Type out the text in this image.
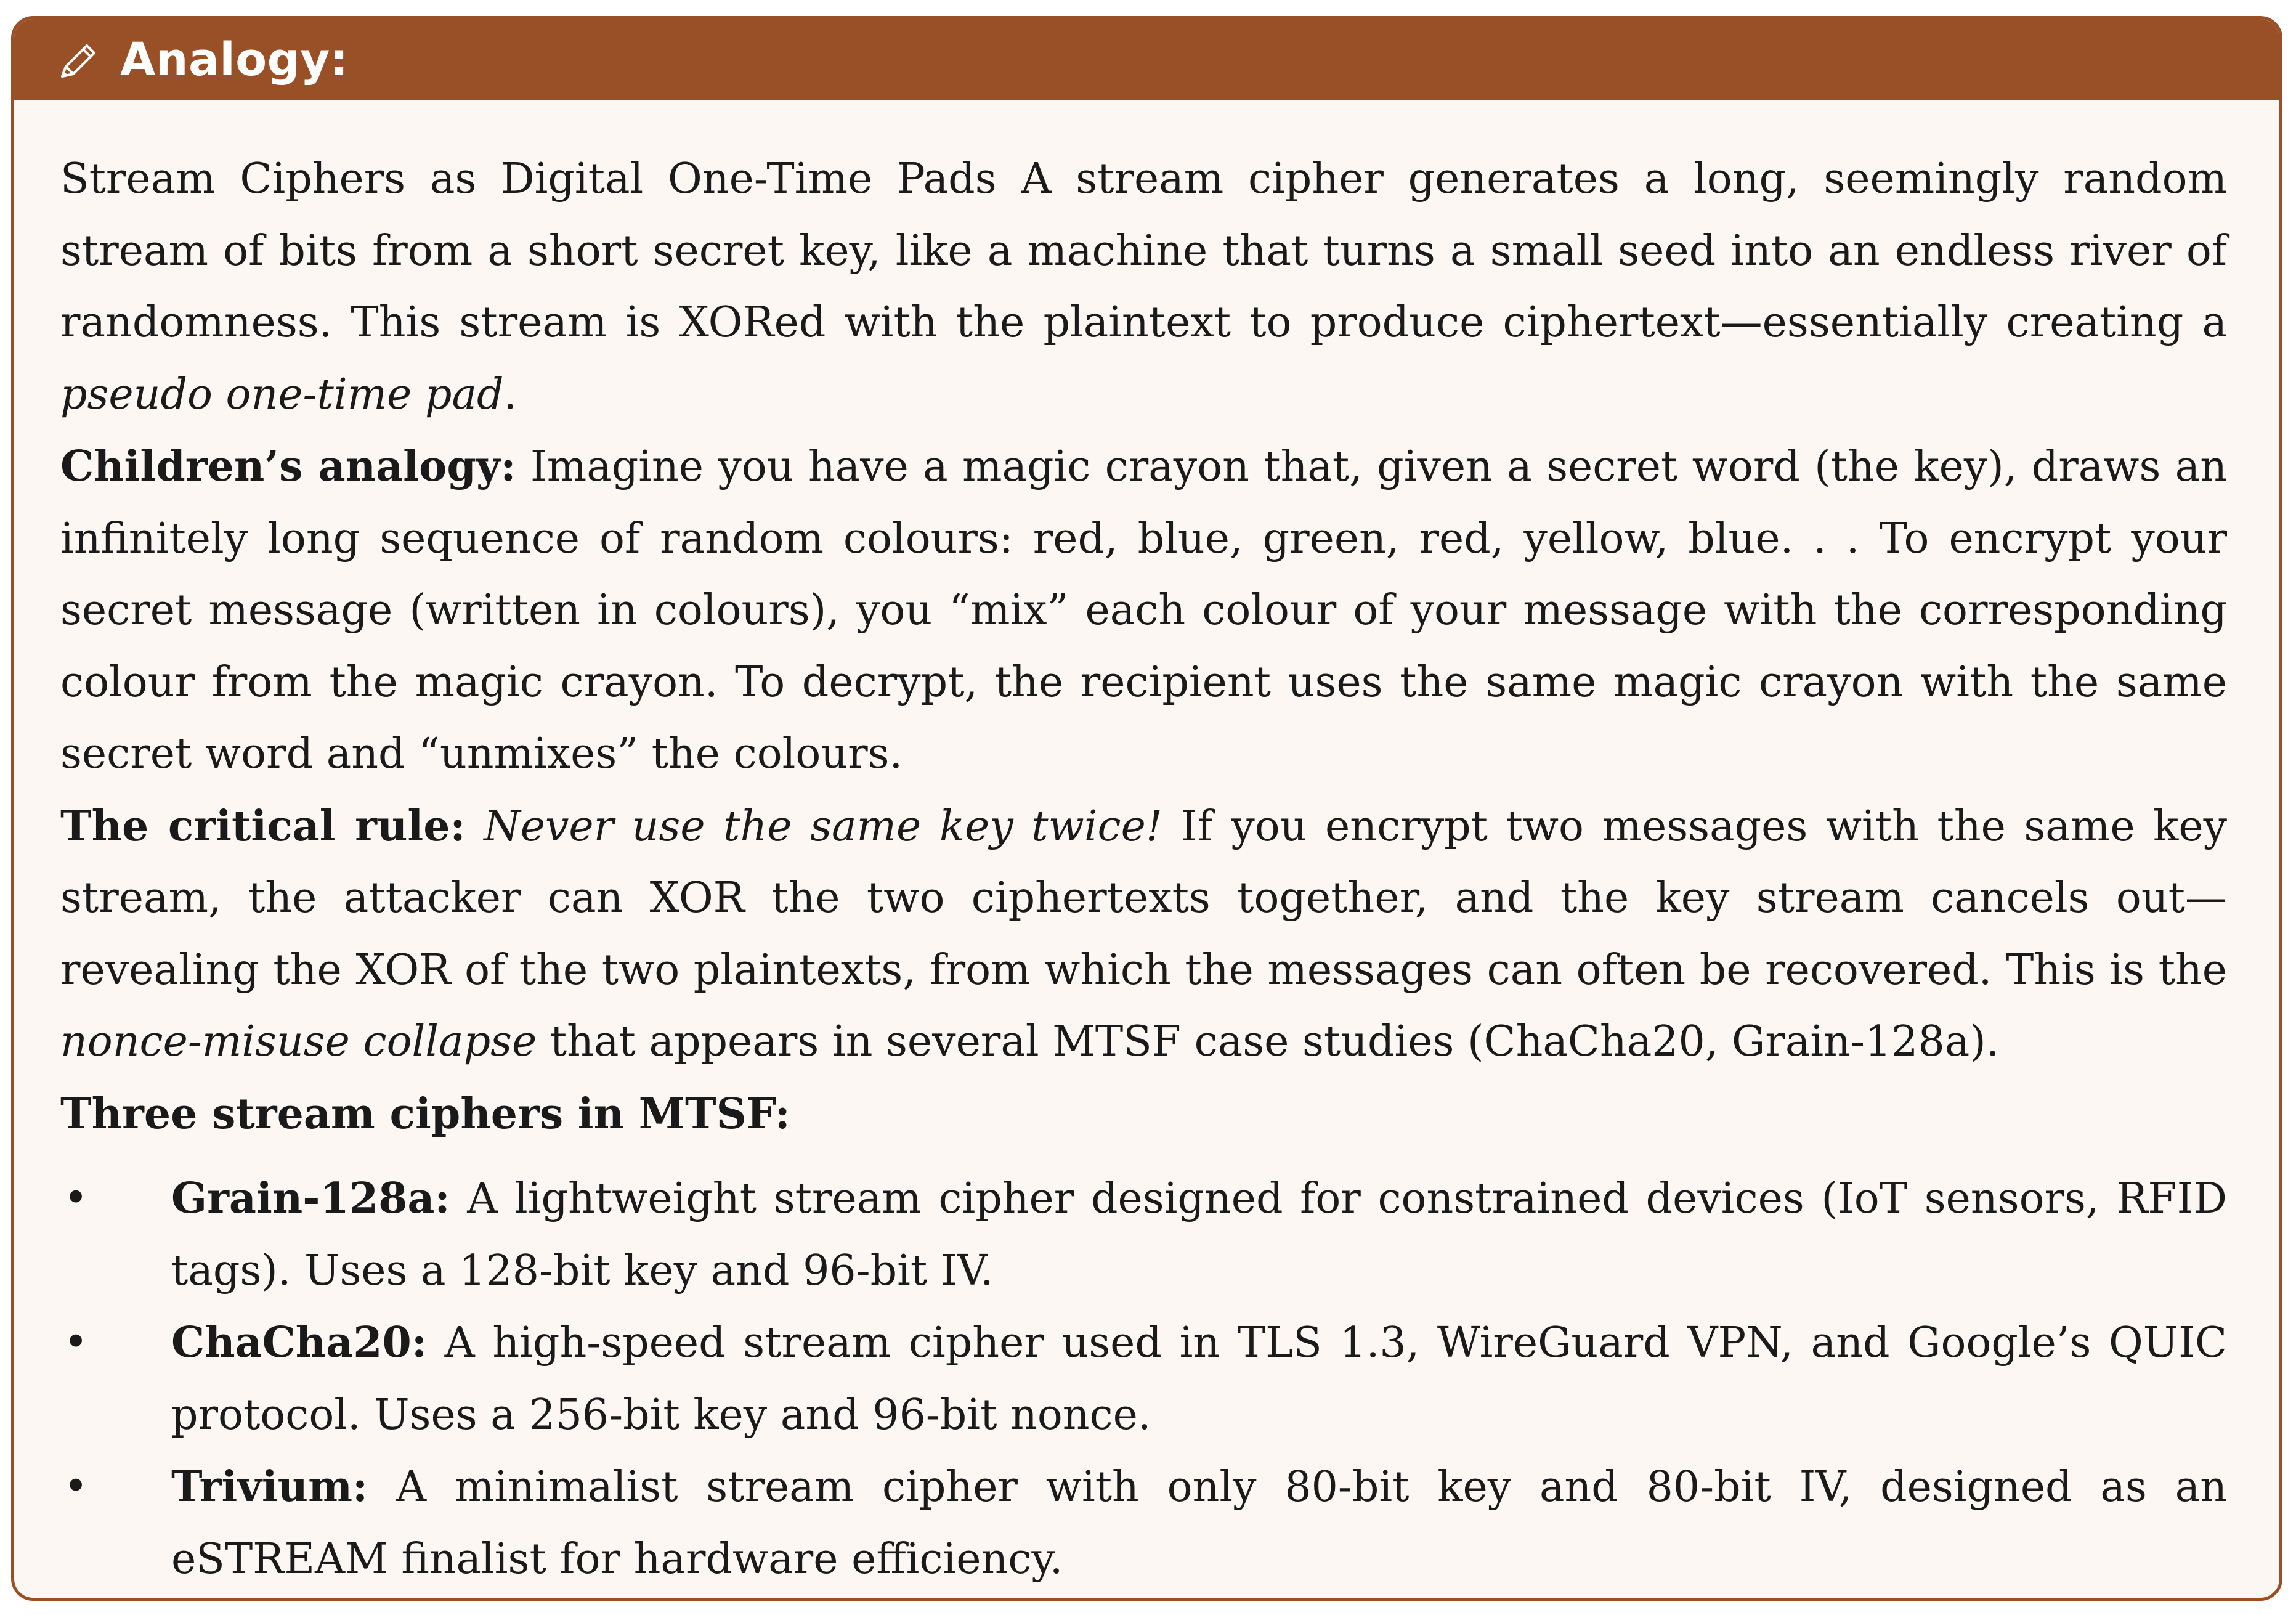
Analogy:

Stream Ciphers as Digital One-Time Pads A stream cipher generates a long, seemingly random stream of bits from a short secret key, like a machine that turns a small seed into an endless river of randomness. This stream is XORed with the plaintext to produce ciphertext—essentially creating a pseudo one-time pad.

Children’s analogy: Imagine you have a magic crayon that, given a secret word (the key), draws an infinitely long sequence of random colours: red, blue, green, red, yellow, blue. . . To encrypt your secret message (written in colours), you “mix” each colour of your message with the corresponding colour from the magic crayon. To decrypt, the recipient uses the same magic crayon with the same secret word and “unmixes” the colours.

The critical rule: Never use the same key twice! If you encrypt two messages with the same key stream, the attacker can XOR the two ciphertexts together, and the key stream cancels out—revealing the XOR of the two plaintexts, from which the messages can often be recovered. This is the nonce-misuse collapse that appears in several MTSF case studies (ChaCha20, Grain-128a).

Three stream ciphers in MTSF:

• Grain-128a: A lightweight stream cipher designed for constrained devices (IoT sensors, RFID tags). Uses a 128-bit key and 96-bit IV.
• ChaCha20: A high-speed stream cipher used in TLS 1.3, WireGuard VPN, and Google’s QUIC protocol. Uses a 256-bit key and 96-bit nonce.
• Trivium: A minimalist stream cipher with only 80-bit key and 80-bit IV, designed as an eSTREAM finalist for hardware efficiency.
